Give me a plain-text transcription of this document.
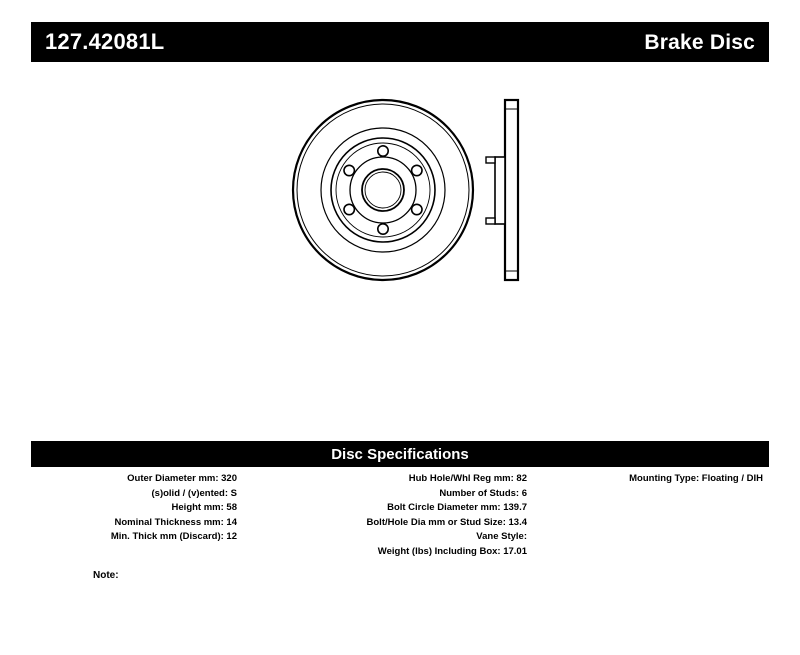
127.42081L	Brake Disc
Disc Specifications
Outer Diameter mm: 320
(s)olid / (v)ented: S
Height mm: 58
Nominal Thickness mm: 14
Min. Thick mm (Discard): 12
Hub Hole/Whl Reg mm: 82
Number of Studs: 6
Bolt Circle Diameter mm: 139.7
Bolt/Hole Dia mm or Stud Size: 13.4
Vane Style:
Weight (lbs) Including Box: 17.01
Mounting Type: Floating / DIH
Note:
